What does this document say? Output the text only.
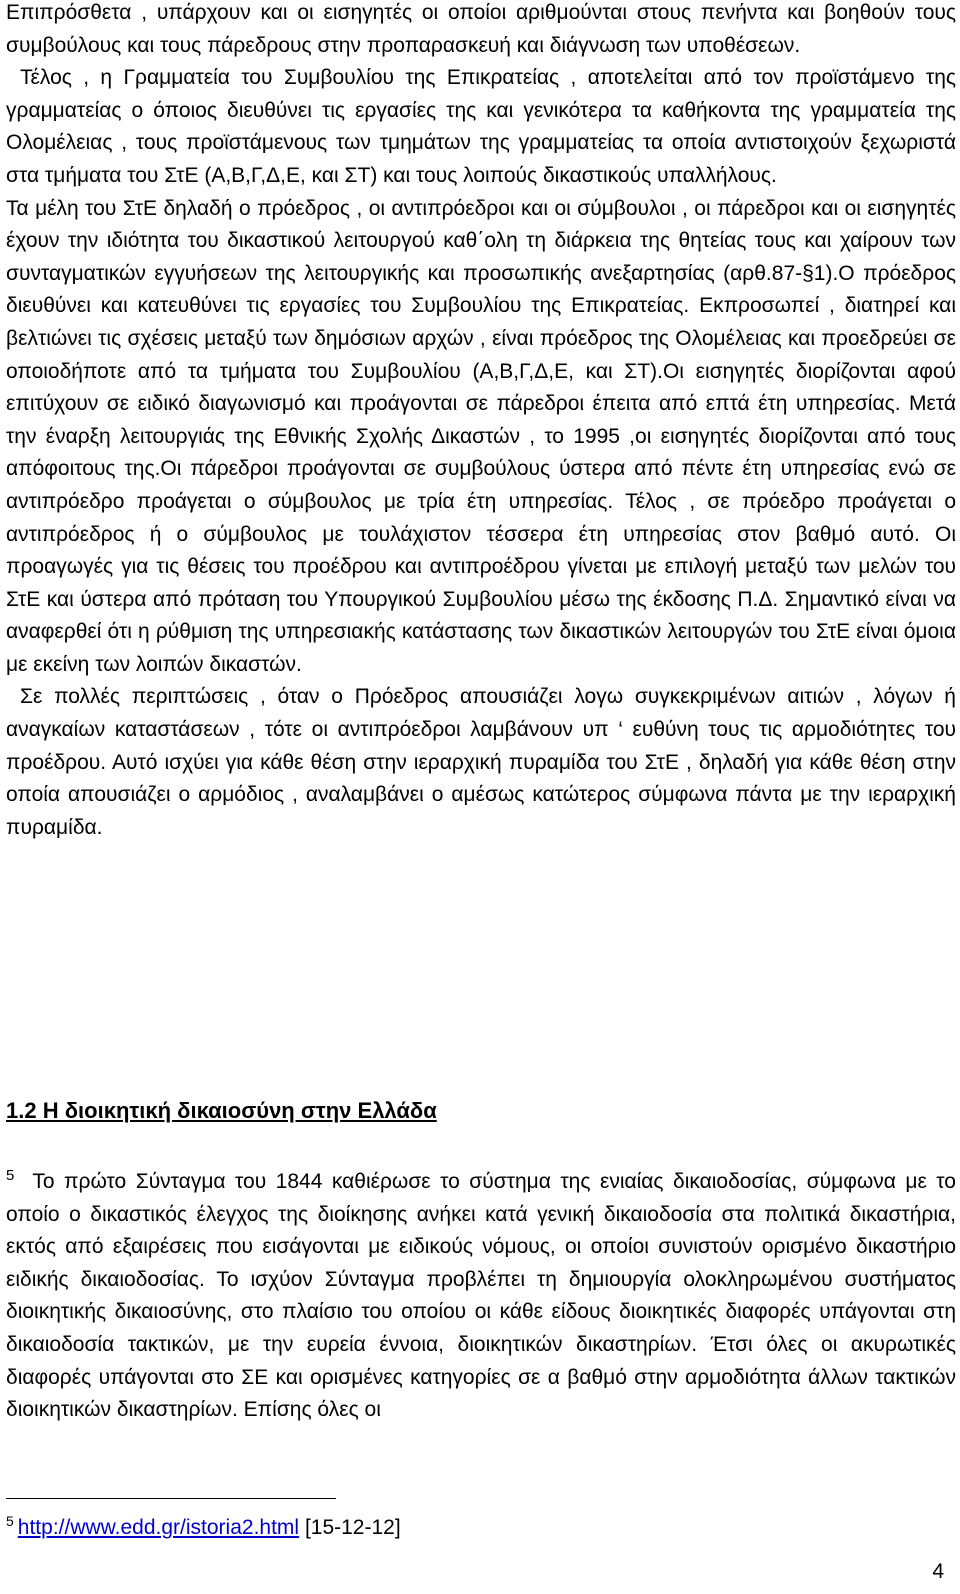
Επιπρόσθετα , υπάρχουν και οι εισηγητές οι οποίοι αριθμούνται στους πενήντα και βοηθούν τους συμβούλους και τους πάρεδρους στην προπαρασκευή και διάγνωση των υποθέσεων.

Τέλος , η Γραμματεία του Συμβουλίου της Επικρατείας , αποτελείται από τον προϊστάμενο της γραμματείας ο όποιος διευθύνει τις εργασίες της και γενικότερα τα καθήκοντα της γραμματεία της Ολομέλειας , τους προϊστάμενους των τμημάτων της γραμματείας τα οποία αντιστοιχούν ξεχωριστά στα τμήματα του ΣτΕ (Α,Β,Γ,Δ,Ε, και ΣΤ) και τους λοιπούς δικαστικούς υπαλλήλους.

Τα μέλη του ΣτΕ δηλαδή ο πρόεδρος , οι αντιπρόεδροι και οι σύμβουλοι , οι πάρεδροι και οι εισηγητές έχουν την ιδιότητα του δικαστικού λειτουργού καθ΄ολη τη διάρκεια της θητείας τους και χαίρουν των συνταγματικών εγγυήσεων της λειτουργικής και προσωπικής ανεξαρτησίας (αρθ.87-§1).Ο πρόεδρος διευθύνει και κατευθύνει τις εργασίες του Συμβουλίου της Επικρατείας. Εκπροσωπεί , διατηρεί και βελτιώνει τις σχέσεις μεταξύ των δημόσιων αρχών , είναι πρόεδρος της Ολομέλειας και προεδρεύει σε οποιοδήποτε από τα τμήματα του Συμβουλίου (Α,Β,Γ,Δ,Ε, και ΣΤ).Οι εισηγητές διορίζονται αφού επιτύχουν σε ειδικό διαγωνισμό και προάγονται σε πάρεδροι έπειτα από επτά έτη υπηρεσίας. Μετά την έναρξη λειτουργιάς της Εθνικής Σχολής Δικαστών , το 1995 ,οι εισηγητές διορίζονται από τους απόφοιτους της.Οι πάρεδροι προάγονται σε συμβούλους ύστερα από πέντε έτη υπηρεσίας ενώ σε αντιπρόεδρο προάγεται ο σύμβουλος με τρία έτη υπηρεσίας. Τέλος , σε πρόεδρο προάγεται ο αντιπρόεδρος ή ο σύμβουλος με τουλάχιστον τέσσερα έτη υπηρεσίας στον βαθμό αυτό. Οι προαγωγές για τις θέσεις του προέδρου και αντιπροέδρου γίνεται με επιλογή μεταξύ των μελών του ΣτΕ και ύστερα από πρόταση του Υπουργικού Συμβουλίου μέσω της έκδοσης Π.Δ. Σημαντικό είναι να αναφερθεί ότι η ρύθμιση της υπηρεσιακής κατάστασης των δικαστικών λειτουργών του ΣτΕ είναι όμοια με εκείνη των λοιπών δικαστών.

Σε πολλές περιπτώσεις , όταν ο Πρόεδρος απουσιάζει λογω συγκεκριμένων αιτιών , λόγων ή αναγκαίων καταστάσεων , τότε οι αντιπρόεδροι λαμβάνουν υπ ‘ ευθύνη τους τις αρμοδιότητες του προέδρου. Αυτό ισχύει για κάθε θέση στην ιεραρχική πυραμίδα του ΣτΕ , δηλαδή για κάθε θέση στην οποία απουσιάζει ο αρμόδιος , αναλαμβάνει ο αμέσως κατώτερος σύμφωνα πάντα με την ιεραρχική πυραμίδα.

1.2 Η διοικητική δικαιοσύνη στην Ελλάδα

$^5$ Το πρώτο Σύνταγμα του 1844 καθιέρωσε το σύστημα της ενιαίας δικαιοδοσίας, σύμφωνα με το οποίο ο δικαστικός έλεγχος της διοίκησης ανήκει κατά γενική δικαιοδοσία στα πολιτικά δικαστήρια, εκτός από εξαιρέσεις που εισάγονται με ειδικούς νόμους, οι οποίοι συνιστούν ορισμένο δικαστήριο ειδικής δικαιοδοσίας. Το ισχύον Σύνταγμα προβλέπει τη δημιουργία ολοκληρωμένου συστήματος διοικητικής δικαιοσύνης, στο πλαίσιο του οποίου οι κάθε είδους διοικητικές διαφορές υπάγονται στη δικαιοδοσία τακτικών, με την ευρεία έννοια, διοικητικών δικαστηρίων. Έτσι όλες οι ακυρωτικές διαφορές υπάγονται στο ΣΕ και ορισμένες κατηγορίες σε α βαθμό στην αρμοδιότητα άλλων τακτικών διοικητικών δικαστηρίων. Επίσης όλες οι

$^5$ http://www.edd.gr/istoria2.html [15-12-12]
4
